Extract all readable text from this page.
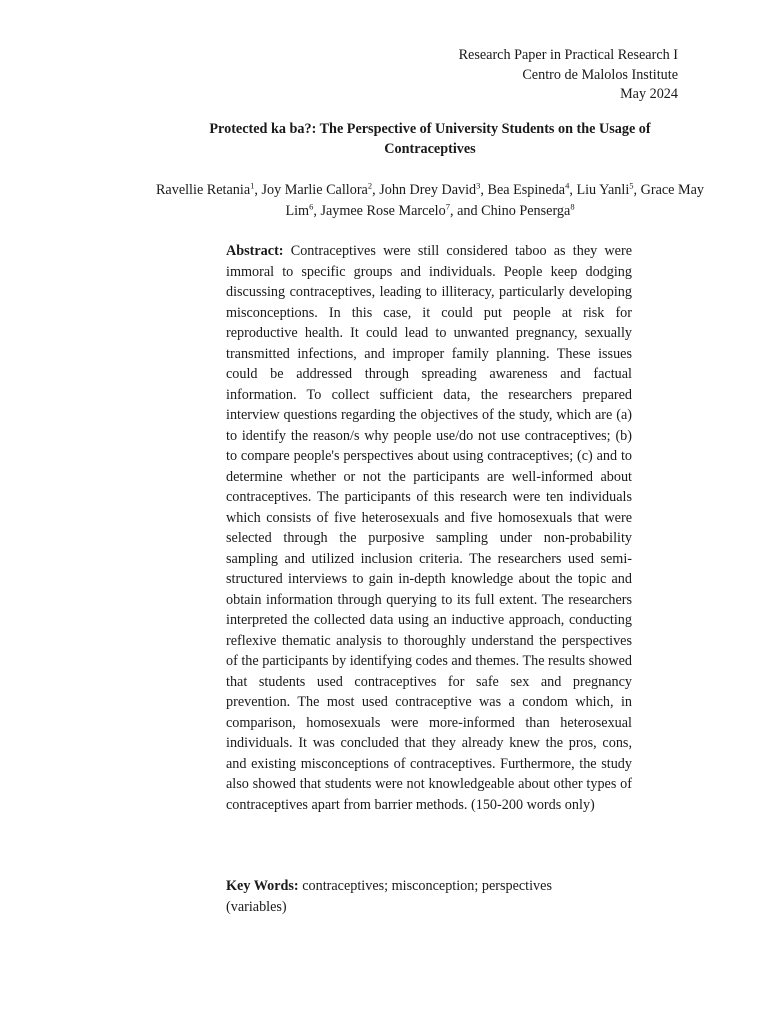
Research Paper in Practical Research I
Centro de Malolos Institute
May 2024
Protected ka ba?: The Perspective of University Students on the Usage of
Contraceptives
Ravellie Retania$^1$, Joy Marlie Callora$^2$, John Drey David$^3$, Bea Espineda$^4$, Liu Yanli$^5$, Grace May Lim$^6$, Jaymee Rose Marcelo$^7$, and Chino Penserga$^8$
Abstract: Contraceptives were still considered taboo as they were immoral to specific groups and individuals. People keep dodging discussing contraceptives, leading to illiteracy, particularly developing misconceptions. In this case, it could put people at risk for reproductive health. It could lead to unwanted pregnancy, sexually transmitted infections, and improper family planning. These issues could be addressed through spreading awareness and factual information. To collect sufficient data, the researchers prepared interview questions regarding the objectives of the study, which are (a) to identify the reason/s why people use/do not use contraceptives; (b) to compare people's perspectives about using contraceptives; (c) and to determine whether or not the participants are well-informed about contraceptives. The participants of this research were ten individuals which consists of five heterosexuals and five homosexuals that were selected through the purposive sampling under non-probability sampling and utilized inclusion criteria. The researchers used semi-structured interviews to gain in-depth knowledge about the topic and obtain information through querying to its full extent. The researchers interpreted the collected data using an inductive approach, conducting reflexive thematic analysis to thoroughly understand the perspectives of the participants by identifying codes and themes. The results showed that students used contraceptives for safe sex and pregnancy prevention. The most used contraceptive was a condom which, in comparison, homosexuals were more-informed than heterosexual individuals. It was concluded that they already knew the pros, cons, and existing misconceptions of contraceptives. Furthermore, the study also showed that students were not knowledgeable about other types of contraceptives apart from barrier methods. (150-200 words only)
Key Words: contraceptives; misconception; perspectives
(variables)
